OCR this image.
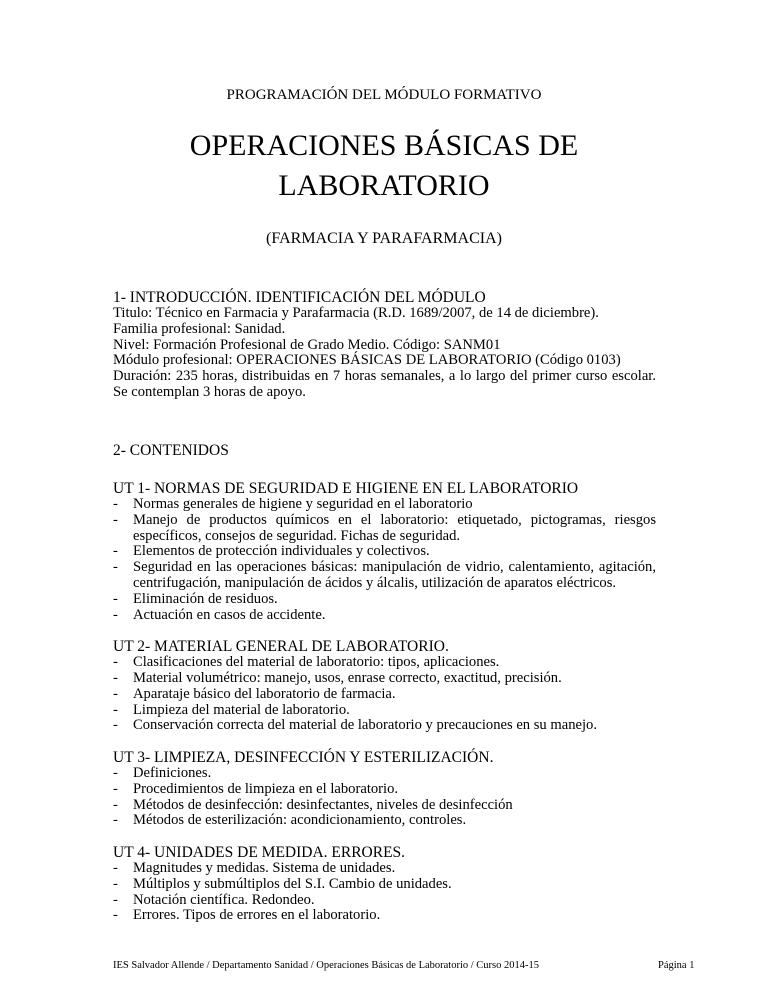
PROGRAMACIÓN DEL MÓDULO FORMATIVO
OPERACIONES BÁSICAS DE
LABORATORIO
(FARMACIA Y PARAFARMACIA)

1- INTRODUCCIÓN. IDENTIFICACIÓN DEL MÓDULO

Titulo: Técnico en Farmacia y Parafarmacia (R.D. 1689/2007, de 14 de diciembre).

Familia profesional: Sanidad.

Nivel: Formación Profesional de Grado Medio. Código: SANM01

Módulo profesional: OPERACIONES BÁSICAS DE LABORATORIO (Código 0103)

Duración: 235 horas, distribuidas en 7 horas semanales, a lo largo del primer curso escolar. Se contemplan 3 horas de apoyo.

2- CONTENIDOS

UT 1- NORMAS DE SEGURIDAD E HIGIENE EN EL LABORATORIO

- Normas generales de higiene y seguridad en el laboratorio
- Manejo de productos químicos en el laboratorio: etiquetado, pictogramas, riesgos específicos, consejos de seguridad. Fichas de seguridad.
- Elementos de protección individuales y colectivos.
- Seguridad en las operaciones básicas: manipulación de vidrio, calentamiento, agitación, centrifugación, manipulación de ácidos y álcalis, utilización de aparatos eléctricos.
- Eliminación de residuos.
- Actuación en casos de accidente.

UT 2- MATERIAL GENERAL DE LABORATORIO.

- Clasificaciones del material de laboratorio: tipos, aplicaciones.
- Material volumétrico: manejo, usos, enrase correcto, exactitud, precisión.
- Aparataje básico del laboratorio de farmacia.
- Limpieza del material de laboratorio.
- Conservación correcta del material de laboratorio y precauciones en su manejo.

UT 3- LIMPIEZA, DESINFECCIÓN Y ESTERILIZACIÓN.

- Definiciones.
- Procedimientos de limpieza en el laboratorio.
- Métodos de desinfección: desinfectantes, niveles de desinfección
- Métodos de esterilización: acondicionamiento, controles.

UT 4- UNIDADES DE MEDIDA. ERRORES.

- Magnitudes y medidas. Sistema de unidades.
- Múltiplos y submúltiplos del S.I. Cambio de unidades.
- Notación científica. Redondeo.
- Errores. Tipos de errores en el laboratorio.
IES Salvador Allende / Departamento Sanidad / Operaciones Básicas de Laboratorio / Curso 2014-15	Página 1
